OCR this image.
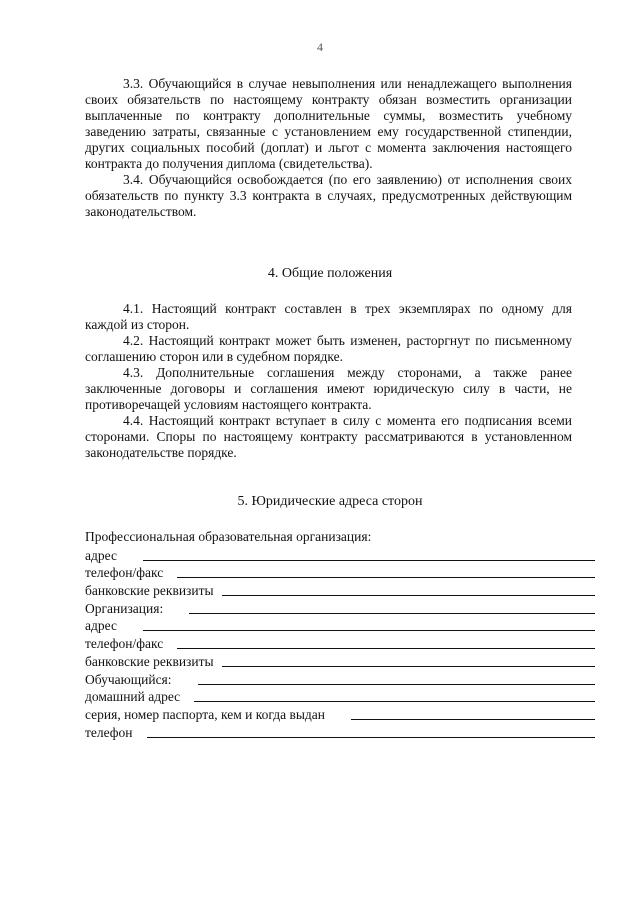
4

3.3. Обучающийся в случае невыполнения или ненадлежащего выполнения своих обязательств по настоящему контракту обязан возместить организации выплаченные по контракту дополнительные суммы, возместить учебному заведению затраты, связанные с установлением ему государственной стипендии, других социальных пособий (доплат) и льгот с момента заключения настоящего контракта до получения диплома (свидетельства).

3.4. Обучающийся освобождается (по его заявлению) от исполнения своих обязательств по пункту 3.3 контракта в случаях, предусмотренных действующим законодательством.

4. Общие положения

4.1. Настоящий контракт составлен в трех экземплярах по одному для каждой из сторон.

4.2. Настоящий контракт может быть изменен, расторгнут по письменному соглашению сторон или в судебном порядке.

4.3. Дополнительные соглашения между сторонами, а также ранее заключенные договоры и соглашения имеют юридическую силу в части, не противоречащей условиям настоящего контракта.

4.4. Настоящий контракт вступает в силу с момента его подписания всеми сторонами. Споры по настоящему контракту рассматриваются в установленном законодательстве порядке.

5. Юридические адреса сторон
Профессиональная образовательная организация:
адрес
телефон/факс
банковские реквизиты
Организация:
адрес
телефон/факс
банковские реквизиты
Обучающийся:
домашний адрес
серия, номер паспорта, кем и когда выдан
телефон
